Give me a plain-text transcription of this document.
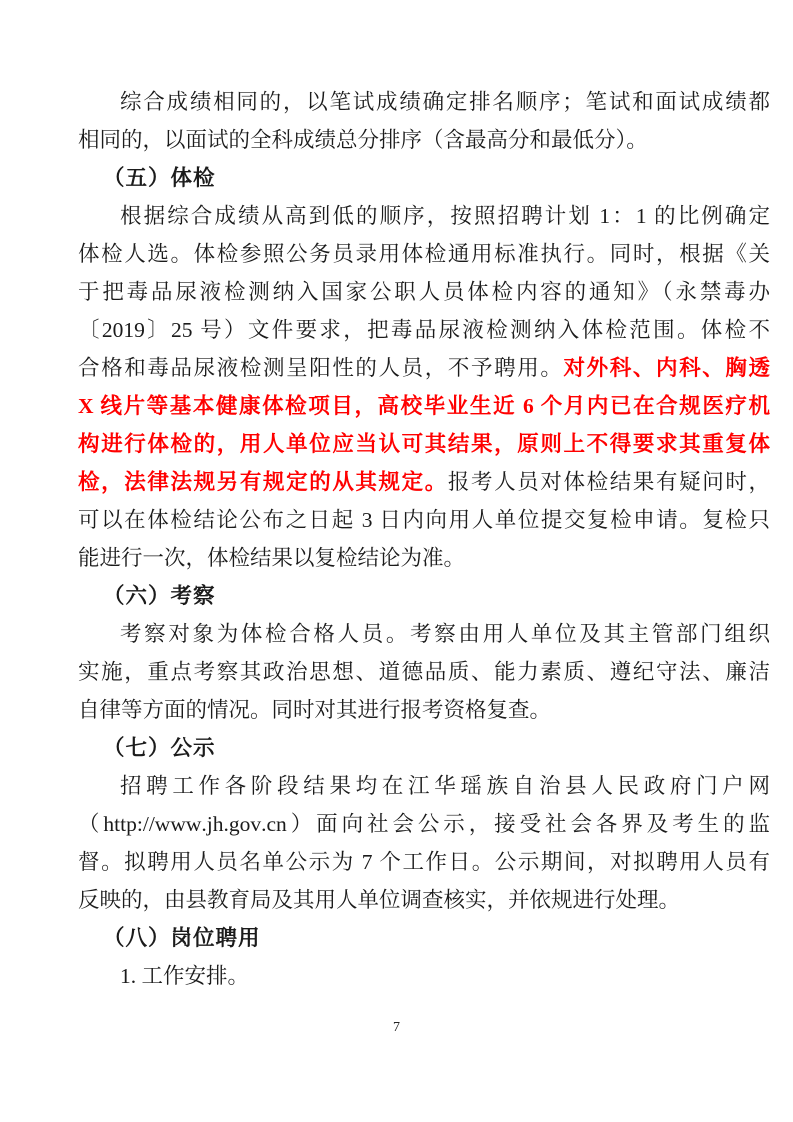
综合成绩相同的，以笔试成绩确定排名顺序；笔试和面试成绩都
相同的，以面试的全科成绩总分排序（含最高分和最低分）。
（五）体检
根据综合成绩从高到低的顺序，按照招聘计划 1：1 的比例确定
体检人选。体检参照公务员录用体检通用标准执行。同时，根据《关
于把毒品尿液检测纳入国家公职人员体检内容的通知》（永禁毒办
〔2019〕25 号）文件要求，把毒品尿液检测纳入体检范围。体检不
合格和毒品尿液检测呈阳性的人员，不予聘用。对外科、内科、胸透
X 线片等基本健康体检项目，高校毕业生近 6 个月内已在合规医疗机
构进行体检的，用人单位应当认可其结果，原则上不得要求其重复体
检，法律法规另有规定的从其规定。报考人员对体检结果有疑问时，
可以在体检结论公布之日起 3 日内向用人单位提交复检申请。复检只
能进行一次，体检结果以复检结论为准。
（六）考察
考察对象为体检合格人员。考察由用人单位及其主管部门组织
实施，重点考察其政治思想、道德品质、能力素质、遵纪守法、廉洁
自律等方面的情况。同时对其进行报考资格复查。
（七）公示
招聘工作各阶段结果均在江华瑶族自治县人民政府门户网
（http://www.jh.gov.cn）面向社会公示，接受社会各界及考生的监
督。拟聘用人员名单公示为 7 个工作日。公示期间，对拟聘用人员有
反映的，由县教育局及其用人单位调查核实，并依规进行处理。
（八）岗位聘用
1. 工作安排。
7
